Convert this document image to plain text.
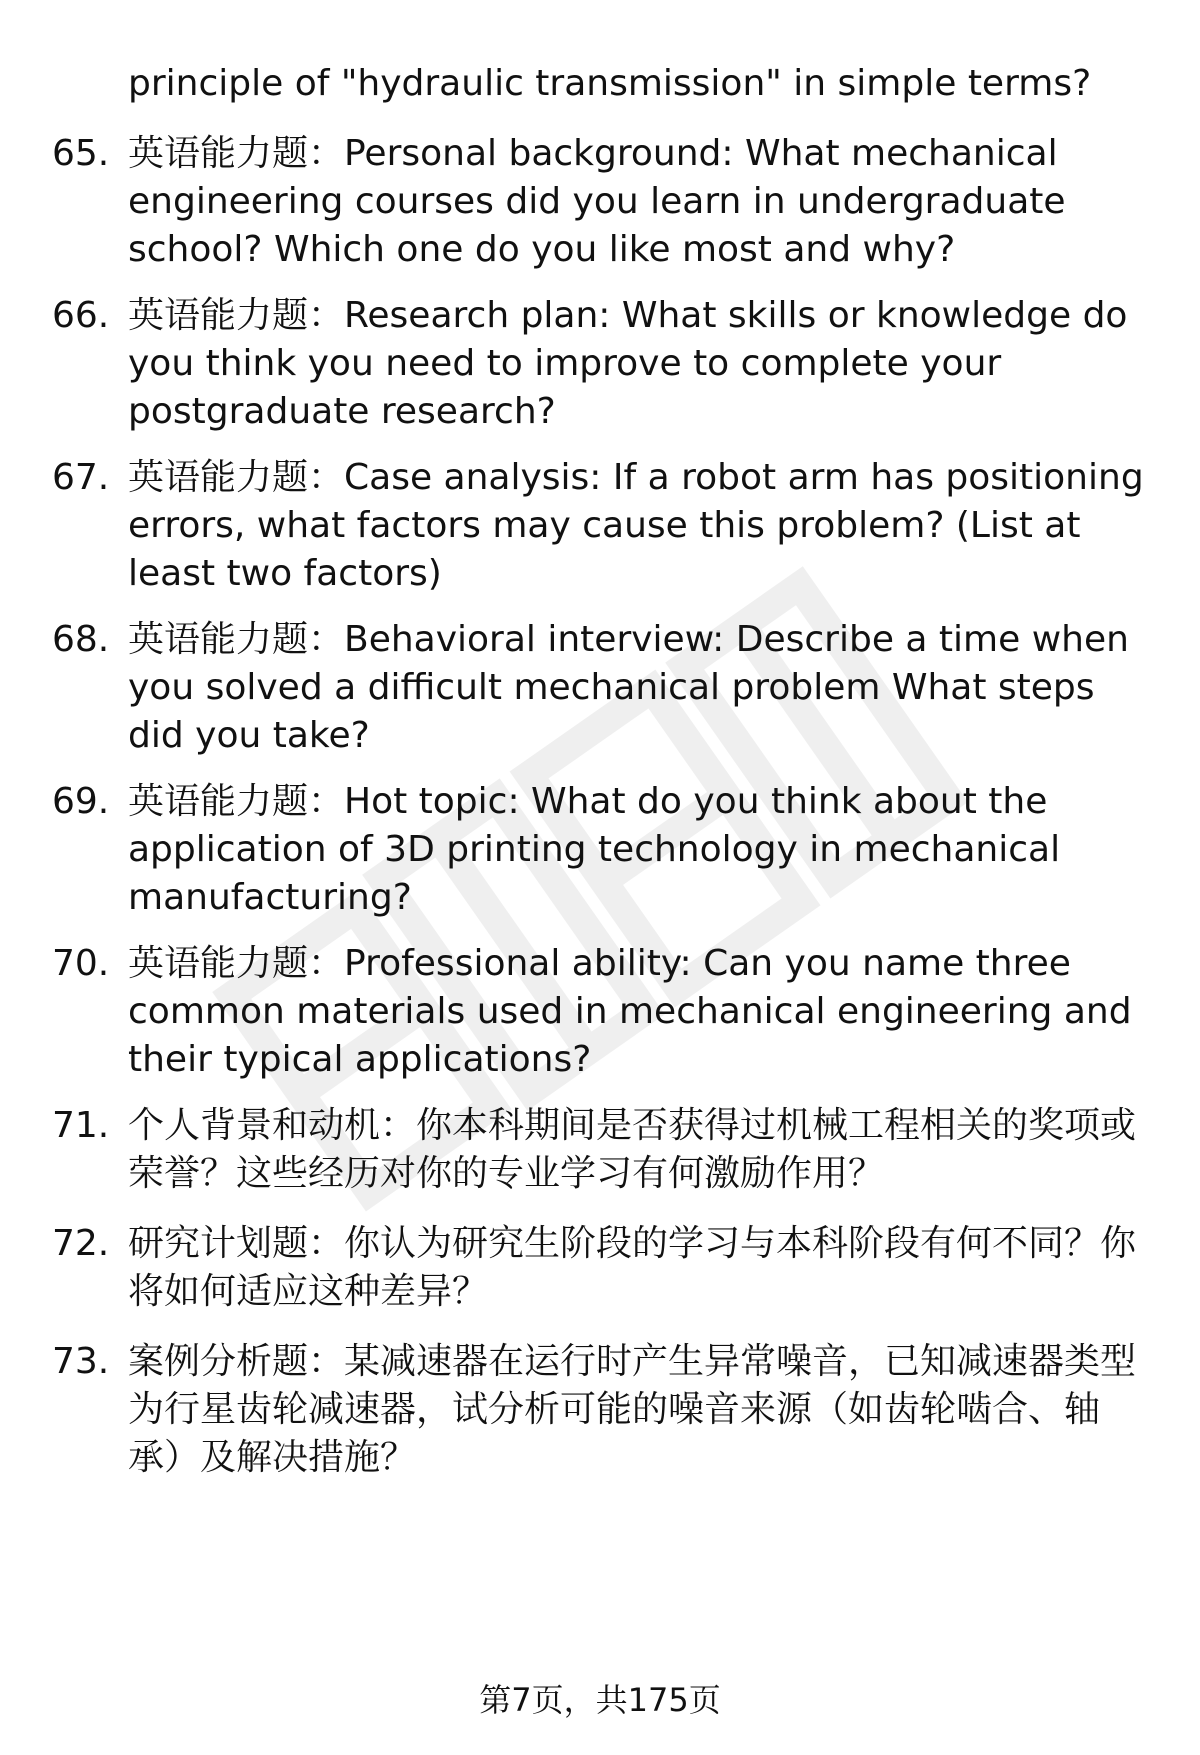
principle of "hydraulic transmission" in simple terms?
65. 英语能力题：Personal background: What mechanical engineering courses did you learn in undergraduate school? Which one do you like most and why?
66. 英语能力题：Research plan: What skills or knowledge do you think you need to improve to complete your postgraduate research?
67. 英语能力题：Case analysis: If a robot arm has positioning errors, what factors may cause this problem? (List at least two factors)
68. 英语能力题：Behavioral interview: Describe a time when you solved a difficult mechanical problem What steps did you take?
69. 英语能力题：Hot topic: What do you think about the application of 3D printing technology in mechanical manufacturing?
70. 英语能力题：Professional ability: Can you name three common materials used in mechanical engineering and their typical applications?
71. 个人背景和动机：你本科期间是否获得过机械工程相关的奖项或荣誉？这些经历对你的专业学习有何激励作用？
72. 研究计划题：你认为研究生阶段的学习与本科阶段有何不同？你将如何适应这种差异？
73. 案例分析题：某减速器在运行时产生异常噪音，已知减速器类型为行星齿轮减速器，试分析可能的噪音来源（如齿轮啮合、轴承）及解决措施？
第7页，共175页
